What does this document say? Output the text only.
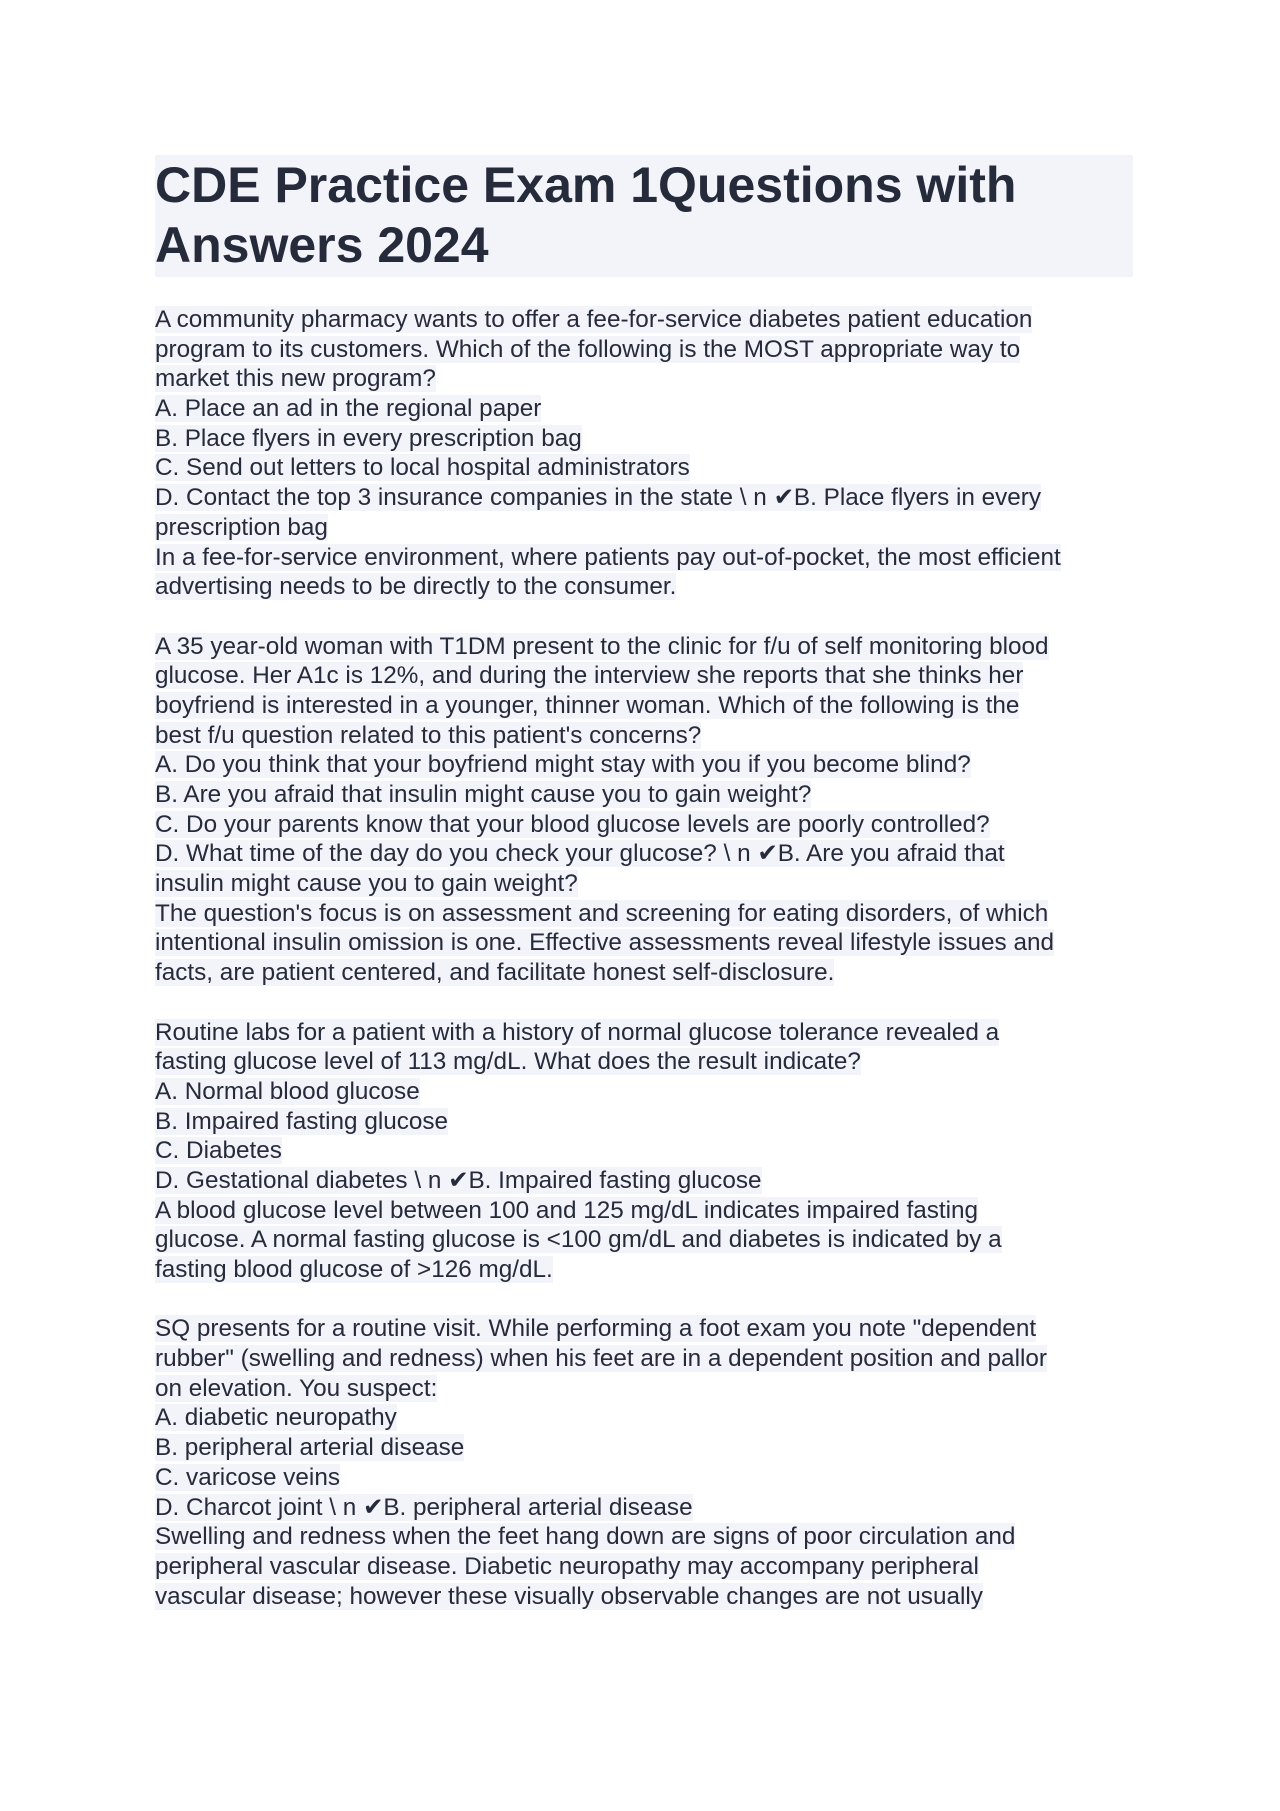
CDE Practice Exam 1Questions with
Answers 2024
A community pharmacy wants to offer a fee-for-service diabetes patient education
program to its customers. Which of the following is the MOST appropriate way to
market this new program?
A. Place an ad in the regional paper
B. Place flyers in every prescription bag
C. Send out letters to local hospital administrators
D. Contact the top 3 insurance companies in the state \ n ✔B. Place flyers in every
prescription bag
In a fee-for-service environment, where patients pay out-of-pocket, the most efficient
advertising needs to be directly to the consumer.
A 35 year-old woman with T1DM present to the clinic for f/u of self monitoring blood
glucose. Her A1c is 12%, and during the interview she reports that she thinks her
boyfriend is interested in a younger, thinner woman. Which of the following is the
best f/u question related to this patient's concerns?
A. Do you think that your boyfriend might stay with you if you become blind?
B. Are you afraid that insulin might cause you to gain weight?
C. Do your parents know that your blood glucose levels are poorly controlled?
D. What time of the day do you check your glucose? \ n ✔B. Are you afraid that
insulin might cause you to gain weight?
The question's focus is on assessment and screening for eating disorders, of which
intentional insulin omission is one. Effective assessments reveal lifestyle issues and
facts, are patient centered, and facilitate honest self-disclosure.
Routine labs for a patient with a history of normal glucose tolerance revealed a
fasting glucose level of 113 mg/dL. What does the result indicate?
A. Normal blood glucose
B. Impaired fasting glucose
C. Diabetes
D. Gestational diabetes \ n ✔B. Impaired fasting glucose
A blood glucose level between 100 and 125 mg/dL indicates impaired fasting
glucose. A normal fasting glucose is <100 gm/dL and diabetes is indicated by a
fasting blood glucose of >126 mg/dL.
SQ presents for a routine visit. While performing a foot exam you note "dependent
rubber" (swelling and redness) when his feet are in a dependent position and pallor
on elevation. You suspect:
A. diabetic neuropathy
B. peripheral arterial disease
C. varicose veins
D. Charcot joint \ n ✔B. peripheral arterial disease
Swelling and redness when the feet hang down are signs of poor circulation and
peripheral vascular disease. Diabetic neuropathy may accompany peripheral
vascular disease; however these visually observable changes are not usually
